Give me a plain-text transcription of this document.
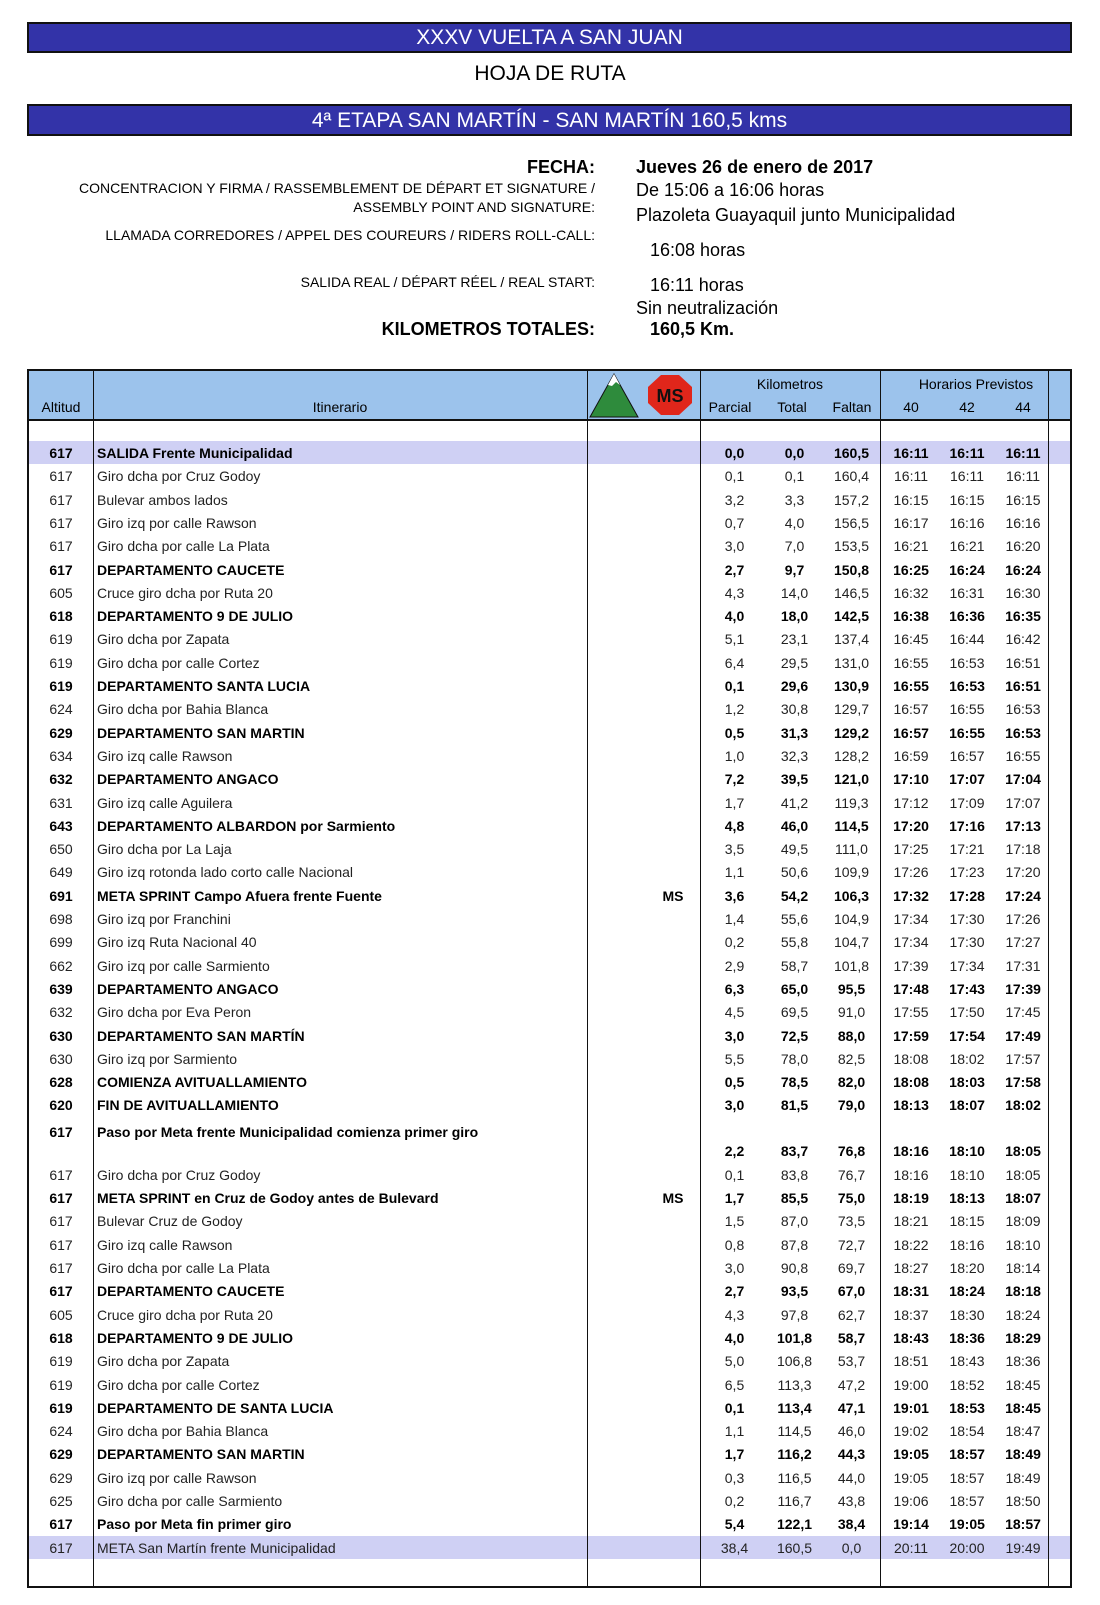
XXXV VUELTA A SAN JUAN
HOJA DE RUTA
4ª ETAPA SAN MARTÍN - SAN MARTÍN 160,5 kms
FECHA: Jueves 26 de enero de 2017
CONCENTRACION Y FIRMA / RASSEMBLEMENT DE DÉPART ET SIGNATURE /
ASSEMBLY POINT AND SIGNATURE:
De 15:06 a 16:06 horas
Plazoleta Guayaquil junto Municipalidad
LLAMADA CORREDORES / APPEL DES COUREURS / RIDERS ROLL-CALL:
16:08 horas
SALIDA REAL / DÉPART RÉEL / REAL START:	16:11 horas
Sin neutralización
KILOMETROS TOTALES:	160,5 Km.
Altitud	Itinerario
Kilometros
Parcial	Total	Faltan
Horarios Previstos
40	42	44
MS
617	SALIDA Frente Municipalidad	0,0	0,0	160,5	16:11 16:11 16:11
617	Giro dcha por Cruz Godoy	0,1	0,1	160,4	16:11 16:11 16:11
617	Bulevar ambos lados	3,2	3,3	157,2	16:15 16:15 16:15
617	Giro izq por calle Rawson	0,7	4,0	156,5	16:17 16:16 16:16
617	Giro dcha por calle La Plata	3,0	7,0	153,5	16:21 16:21 16:20
617	DEPARTAMENTO CAUCETE	2,7	9,7	150,8	16:25 16:24 16:24
605	Cruce giro dcha por Ruta 20	4,3	14,0	146,5	16:32 16:31 16:30
618	DEPARTAMENTO 9 DE JULIO	4,0	18,0	142,5	16:38 16:36 16:35
619	Giro dcha por Zapata	5,1	23,1	137,4	16:45 16:44 16:42
619	Giro dcha por calle Cortez	6,4	29,5	131,0	16:55 16:53 16:51
619	DEPARTAMENTO SANTA LUCIA	0,1	29,6	130,9	16:55 16:53 16:51
624	Giro dcha por Bahia Blanca	1,2	30,8	129,7	16:57 16:55 16:53
629	DEPARTAMENTO SAN MARTIN	0,5	31,3	129,2	16:57 16:55 16:53
634	Giro izq calle Rawson	1,0	32,3	128,2	16:59 16:57 16:55
632	DEPARTAMENTO ANGACO	7,2	39,5	121,0	17:10 17:07 17:04
631	Giro izq calle Aguilera	1,7	41,2	119,3	17:12 17:09 17:07
643	DEPARTAMENTO ALBARDON por Sarmiento	4,8	46,0	114,5	17:20 17:16 17:13
650	Giro dcha por La Laja	3,5	49,5	111,0	17:25 17:21 17:18
649	Giro izq rotonda lado corto calle Nacional	1,1	50,6	109,9	17:26 17:23 17:20
691	META SPRINT Campo Afuera frente Fuente	MS	3,6	54,2	106,3	17:32 17:28 17:24
698	Giro izq por Franchini	1,4	55,6	104,9	17:34 17:30 17:26
699	Giro izq Ruta Nacional 40	0,2	55,8	104,7	17:34 17:30 17:27
662	Giro izq por calle Sarmiento	2,9	58,7	101,8	17:39 17:34 17:31
639	DEPARTAMENTO ANGACO	6,3	65,0	95,5	17:48 17:43 17:39
632	Giro dcha por Eva Peron	4,5	69,5	91,0	17:55 17:50 17:45
630	DEPARTAMENTO SAN MARTÍN	3,0	72,5	88,0	17:59 17:54 17:49
630	Giro izq por Sarmiento	5,5	78,0	82,5	18:08 18:02 17:57
628	COMIENZA AVITUALLAMIENTO	0,5	78,5	82,0	18:08 18:03 17:58
620	FIN DE AVITUALLAMIENTO	3,0	81,5	79,0	18:13 18:07 18:02
617	Paso por Meta frente Municipalidad comienza primer giro
2,2	83,7	76,8	18:16 18:10 18:05
617	Giro dcha por Cruz Godoy	0,1	83,8	76,7	18:16 18:10 18:05
617	META SPRINT en Cruz de Godoy antes de Bulevard	MS	1,7	85,5	75,0	18:19 18:13 18:07
617	Bulevar Cruz de Godoy	1,5	87,0	73,5	18:21 18:15 18:09
617	Giro izq calle Rawson	0,8	87,8	72,7	18:22 18:16 18:10
617	Giro dcha por calle La Plata	3,0	90,8	69,7	18:27 18:20 18:14
617	DEPARTAMENTO CAUCETE	2,7	93,5	67,0	18:31 18:24 18:18
605	Cruce giro dcha por Ruta 20	4,3	97,8	62,7	18:37 18:30 18:24
618	DEPARTAMENTO 9 DE JULIO	4,0	101,8	58,7	18:43 18:36 18:29
619	Giro dcha por Zapata	5,0	106,8	53,7	18:51 18:43 18:36
619	Giro dcha por calle Cortez	6,5	113,3	47,2	19:00 18:52 18:45
619	DEPARTAMENTO DE SANTA LUCIA	0,1	113,4	47,1	19:01 18:53 18:45
624	Giro dcha por Bahia Blanca	1,1	114,5	46,0	19:02 18:54 18:47
629	DEPARTAMENTO SAN MARTIN	1,7	116,2	44,3	19:05 18:57 18:49
629	Giro izq por calle Rawson	0,3	116,5	44,0	19:05 18:57 18:49
625	Giro dcha por calle Sarmiento	0,2	116,7	43,8	19:06 18:57 18:50
617	Paso por Meta fin primer giro	5,4	122,1	38,4	19:14 19:05 18:57
617	META San Martín frente Municipalidad	38,4	160,5	0,0	20:11 20:00 19:49
